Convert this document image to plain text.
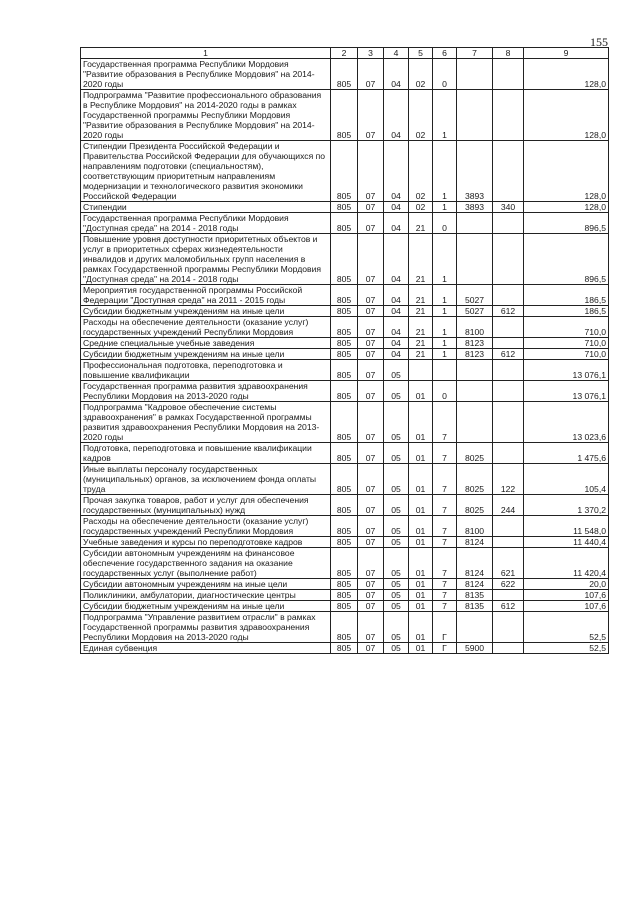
155
1	2	3	4	5	6	7	8	9
Государственная программа Республики Мордовия "Развитие образования в Республике Мордовия" на 2014-2020 годы	805	07	04	02	0			128,0
Подпрограмма "Развитие профессионального образования в Республике Мордовия" на 2014-2020 годы в рамках Государственной программы Республики Мордовия "Развитие образования в Республике Мордовия" на 2014-2020 годы	805	07	04	02	1			128,0
Стипендии Президента Российской Федерации и Правительства Российской Федерации для обучающихся по направлениям подготовки (специальностям), соответствующим приоритетным направлениям модернизации и технологического развития экономики Российской Федерации	805	07	04	02	1	3893		128,0
Стипендии	805	07	04	02	1	3893	340	128,0
Государственная программа Республики Мордовия "Доступная среда" на 2014 - 2018 годы	805	07	04	21	0			896,5
Повышение уровня доступности приоритетных объектов и услуг в приоритетных сферах жизнедеятельности инвалидов и других маломобильных групп населения в рамках Государственной программы Республики Мордовия "Доступная среда" на 2014 - 2018 годы	805	07	04	21	1			896,5
Мероприятия государственной программы Российской Федерации "Доступная среда" на 2011 - 2015 годы	805	07	04	21	1	5027		186,5
Субсидии бюджетным учреждениям на иные цели	805	07	04	21	1	5027	612	186,5
Расходы на обеспечение деятельности (оказание услуг) государственных учреждений Республики Мордовия	805	07	04	21	1	8100		710,0
Средние специальные учебные заведения	805	07	04	21	1	8123		710,0
Субсидии бюджетным учреждениям на иные цели	805	07	04	21	1	8123	612	710,0
Профессиональная подготовка, переподготовка и повышение квалификации	805	07	05					13 076,1
Государственная программа развития здравоохранения Республики Мордовия на 2013-2020 годы	805	07	05	01	0			13 076,1
Подпрограмма "Кадровое обеспечение системы здравоохранения" в рамках Государственной программы развития здравоохранения Республики Мордовия на 2013-2020 годы	805	07	05	01	7			13 023,6
Подготовка, переподготовка и повышение квалификации кадров	805	07	05	01	7	8025		1 475,6
Иные выплаты персоналу государственных (муниципальных) органов, за исключением фонда оплаты труда	805	07	05	01	7	8025	122	105,4
Прочая закупка товаров, работ и услуг для обеспечения государственных (муниципальных) нужд	805	07	05	01	7	8025	244	1 370,2
Расходы на обеспечение деятельности (оказание услуг) государственных учреждений Республики Мордовия	805	07	05	01	7	8100		11 548,0
Учебные заведения и курсы по переподготовке кадров	805	07	05	01	7	8124		11 440,4
Субсидии автономным учреждениям на финансовое обеспечение государственного задания на оказание государственных услуг (выполнение работ)	805	07	05	01	7	8124	621	11 420,4
Субсидии автономным учреждениям на иные цели	805	07	05	01	7	8124	622	20,0
Поликлиники, амбулатории, диагностические центры	805	07	05	01	7	8135		107,6
Субсидии бюджетным учреждениям на иные цели	805	07	05	01	7	8135	612	107,6
Подпрограмма "Управление развитием отрасли" в рамках Государственной программы развития здравоохранения Республики Мордовия на 2013-2020 годы	805	07	05	01	Г			52,5
Единая субвенция	805	07	05	01	Г	5900		52,5
